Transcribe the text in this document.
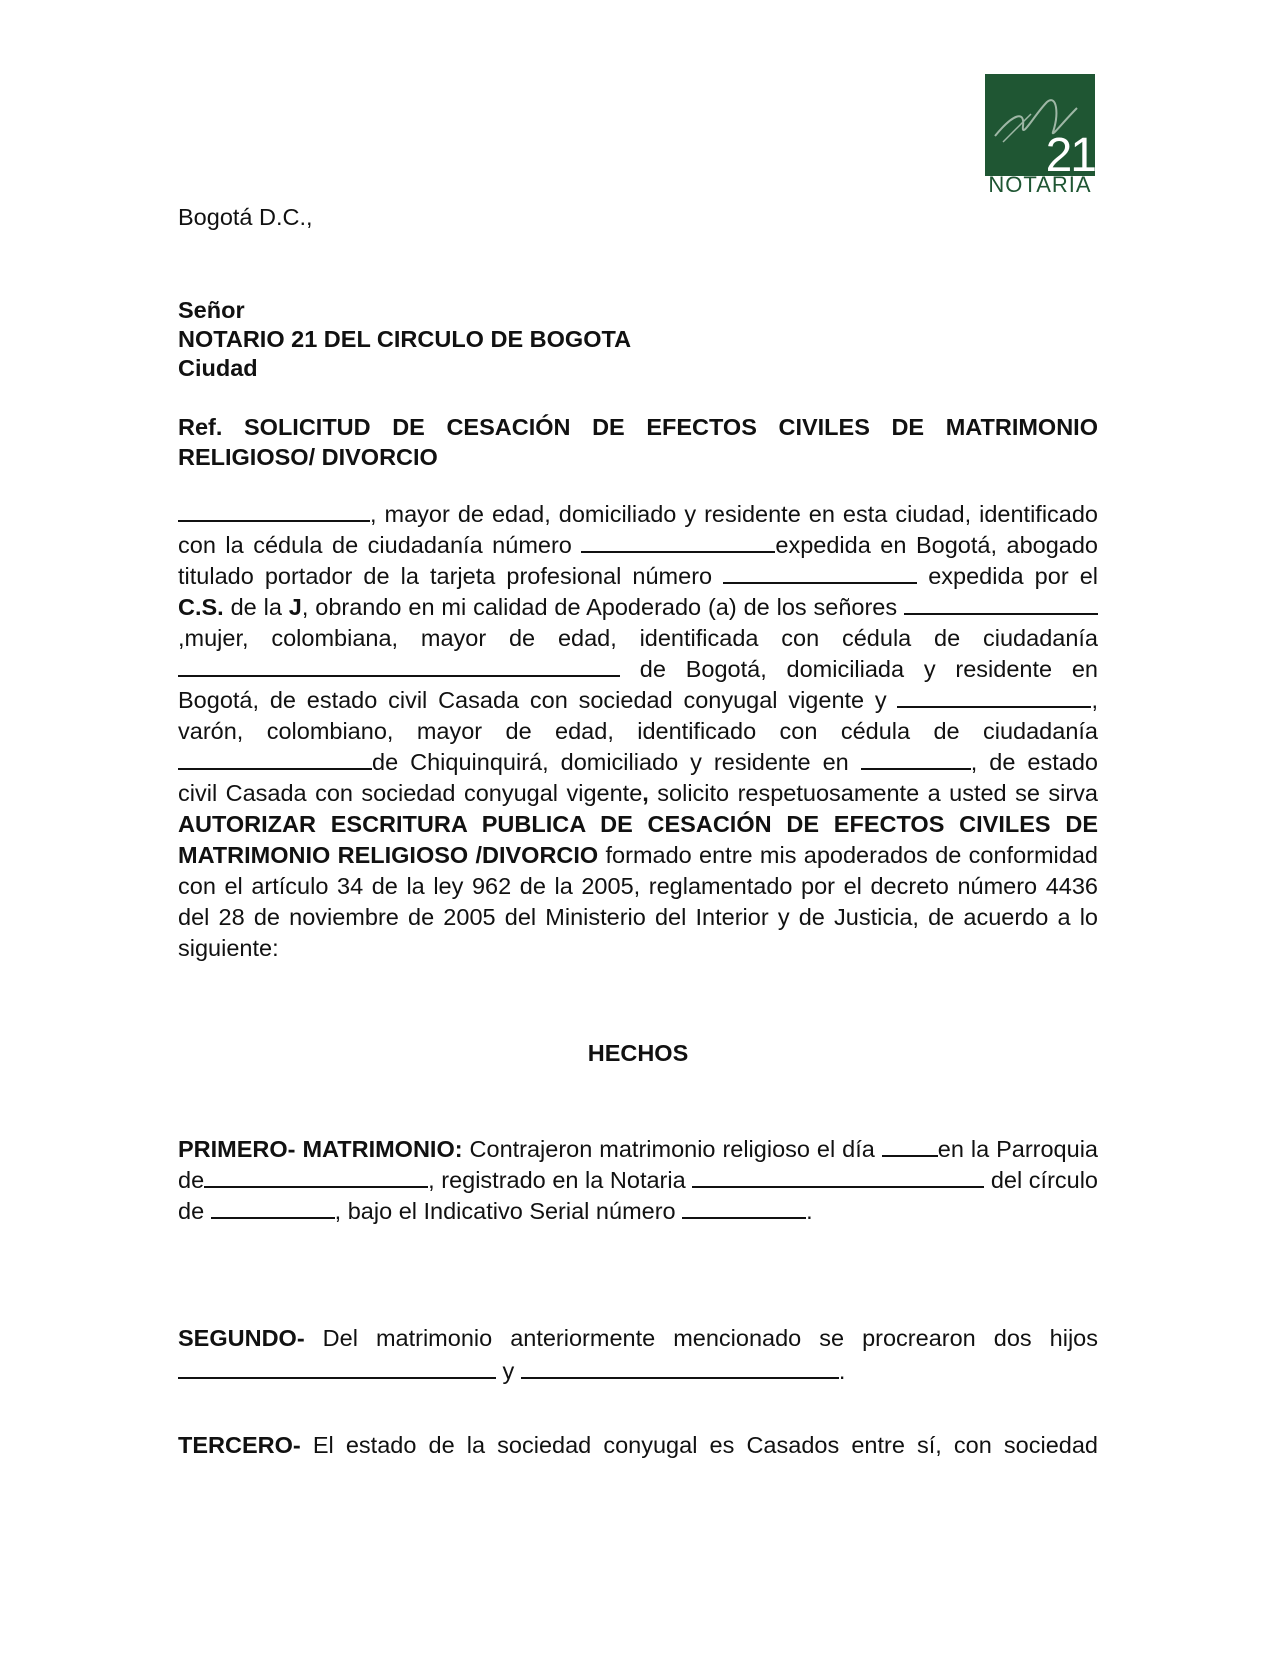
21
NOTARIA
Bogotá D.C.,
Señor
NOTARIO 21 DEL CIRCULO DE BOGOTA
Ciudad
Ref. SOLICITUD DE CESACIÓN DE EFECTOS CIVILES DE MATRIMONIO RELIGIOSO/ DIVORCIO
, mayor de edad, domiciliado y residente en esta ciudad, identificado con la cédula de ciudadanía número	expedida en Bogotá, abogado titulado portador de la tarjeta profesional número	expedida por el C.S. de la J, obrando en mi calidad de Apoderado (a) de los señores ,mujer, colombiana, mayor de edad, identificada con cédula de ciudadanía de Bogotá, domiciliada y residente en Bogotá, de estado civil Casada con sociedad conyugal vigente y	, varón, colombiano, mayor de edad, identificado con cédula de ciudadanía de Chiquinquirá, domiciliado y residente en	, de estado civil Casada con sociedad conyugal vigente, solicito respetuosamente a usted se sirva AUTORIZAR ESCRITURA PUBLICA DE CESACIÓN DE EFECTOS CIVILES DE MATRIMONIO RELIGIOSO /DIVORCIO formado entre mis apoderados de conformidad con el artículo 34 de la ley 962 de la 2005, reglamentado por el decreto número 4436 del 28 de noviembre de 2005 del Ministerio del Interior y de Justicia, de acuerdo a lo siguiente:
HECHOS
PRIMERO- MATRIMONIO: Contrajeron matrimonio religioso el día en la Parroquia de	, registrado en la Notaria	del círculo de	, bajo el Indicativo Serial número	.
SEGUNDO- Del matrimonio anteriormente mencionado se procrearon dos hijos  y	.
TERCERO- El estado de la sociedad conyugal es Casados entre sí, con sociedad
